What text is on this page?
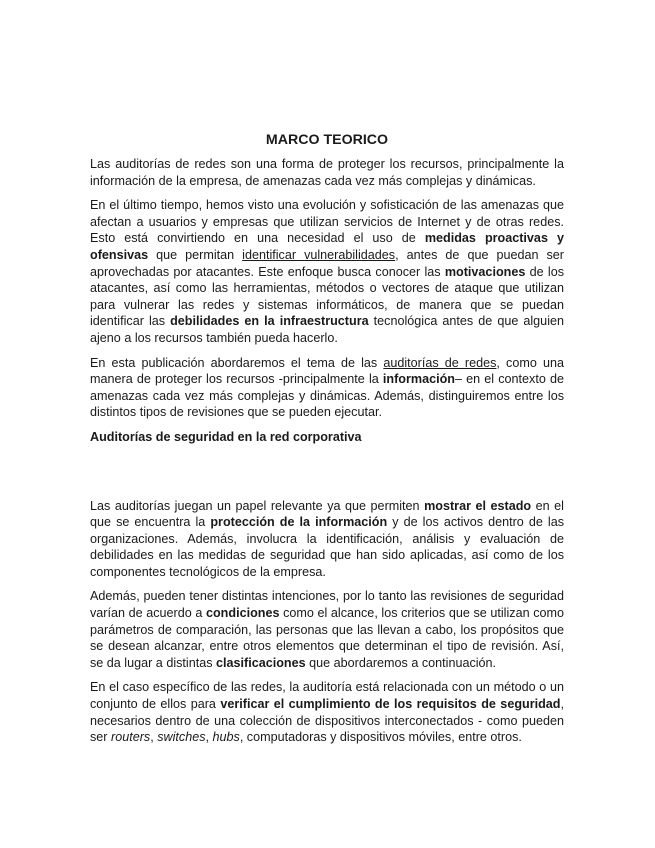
MARCO TEORICO

Las auditorías de redes son una forma de proteger los recursos, principalmente la información de la empresa, de amenazas cada vez más complejas y dinámicas.

En el último tiempo, hemos visto una evolución y sofisticación de las amenazas que afectan a usuarios y empresas que utilizan servicios de Internet y de otras redes. Esto está convirtiendo en una necesidad el uso de medidas proactivas y ofensivas que permitan identificar vulnerabilidades, antes de que puedan ser aprovechadas por atacantes. Este enfoque busca conocer las motivaciones de los atacantes, así como las herramientas, métodos o vectores de ataque que utilizan para vulnerar las redes y sistemas informáticos, de manera que se puedan identificar las debilidades en la infraestructura tecnológica antes de que alguien ajeno a los recursos también pueda hacerlo.

En esta publicación abordaremos el tema de las auditorías de redes, como una manera de proteger los recursos -principalmente la información– en el contexto de amenazas cada vez más complejas y dinámicas. Además, distinguiremos entre los distintos tipos de revisiones que se pueden ejecutar.

Auditorías de seguridad en la red corporativa

Las auditorías juegan un papel relevante ya que permiten mostrar el estado en el que se encuentra la protección de la información y de los activos dentro de las organizaciones. Además, involucra la identificación, análisis y evaluación de debilidades en las medidas de seguridad que han sido aplicadas, así como de los componentes tecnológicos de la empresa.

Además, pueden tener distintas intenciones, por lo tanto las revisiones de seguridad varían de acuerdo a condiciones como el alcance, los criterios que se utilizan como parámetros de comparación, las personas que las llevan a cabo, los propósitos que se desean alcanzar, entre otros elementos que determinan el tipo de revisión. Así, se da lugar a distintas clasificaciones que abordaremos a continuación.

En el caso específico de las redes, la auditoría está relacionada con un método o un conjunto de ellos para verificar el cumplimiento de los requisitos de seguridad, necesarios dentro de una colección de dispositivos interconectados - como pueden ser routers, switches, hubs, computadoras y dispositivos móviles, entre otros.
